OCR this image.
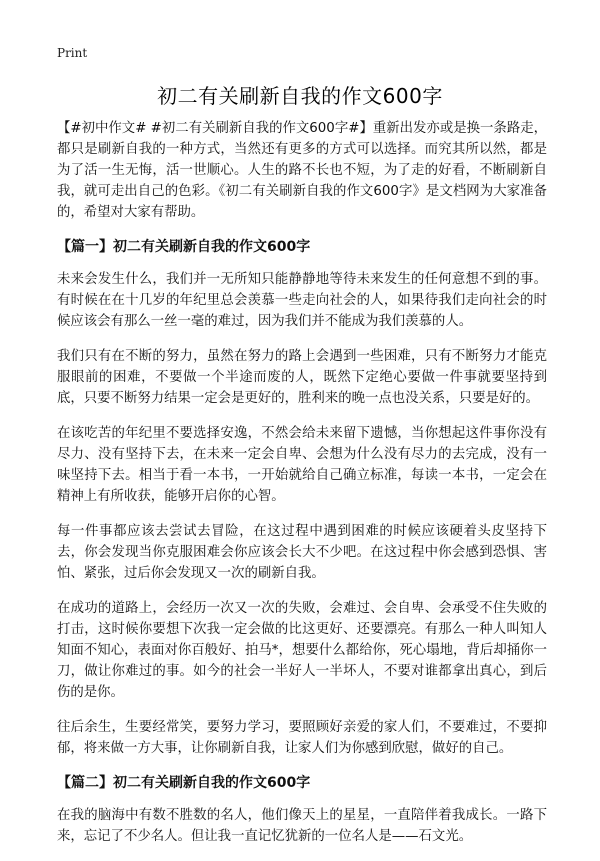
Print
初二有关刷新自我的作文600字

【#初中作文# #初二有关刷新自我的作文600字#】重新出发亦或是换一条路走，都只是刷新自我的一种方式，当然还有更多的方式可以选择。而究其所以然，都是为了活一生无悔，活一世顺心。人生的路不长也不短，为了走的好看，不断刷新自我，就可走出自己的色彩。《初二有关刷新自我的作文600字》是文档网为大家准备的，希望对大家有帮助。

【篇一】初二有关刷新自我的作文600字

未来会发生什么，我们并一无所知只能静静地等待未来发生的任何意想不到的事。有时候在在十几岁的年纪里总会羡慕一些走向社会的人，如果待我们走向社会的时候应该会有那么一丝一毫的难过，因为我们并不能成为我们羡慕的人。

我们只有在不断的努力，虽然在努力的路上会遇到一些困难，只有不断努力才能克服眼前的困难，不要做一个半途而废的人，既然下定绝心要做一件事就要坚持到底，只要不断努力结果一定会是更好的，胜利来的晚一点也没关系，只要是好的。

在该吃苦的年纪里不要选择安逸，不然会给未来留下遗憾，当你想起这件事你没有尽力、没有坚持下去，在未来一定会自卑、会想为什么没有尽力的去完成，没有一味坚持下去。相当于看一本书，一开始就给自己确立标准，每读一本书，一定会在精神上有所收获，能够开启你的心智。

每一件事都应该去尝试去冒险，在这过程中遇到困难的时候应该硬着头皮坚持下去，你会发现当你克服困难会你应该会长大不少吧。在这过程中你会感到恐惧、害怕、紧张，过后你会发现又一次的刷新自我。

在成功的道路上，会经历一次又一次的失败，会难过、会自卑、会承受不住失败的打击，这时候你要想下次我一定会做的比这更好、还要漂亮。有那么一种人叫知人知面不知心，表面对你百般好、拍马*，想要什么都给你，死心塌地，背后却捅你一刀，做让你难过的事。如今的社会一半好人一半坏人，不要对谁都拿出真心，到后伤的是你。

往后余生，生要经常笑，要努力学习，要照顾好亲爱的家人们，不要难过，不要抑郁，将来做一方大事，让你刷新自我，让家人们为你感到欣慰，做好的自己。

【篇二】初二有关刷新自我的作文600字

在我的脑海中有数不胜数的名人，他们像天上的星星，一直陪伴着我成长。一路下来，忘记了不少名人。但让我一直记忆犹新的一位名人是——石文光。
